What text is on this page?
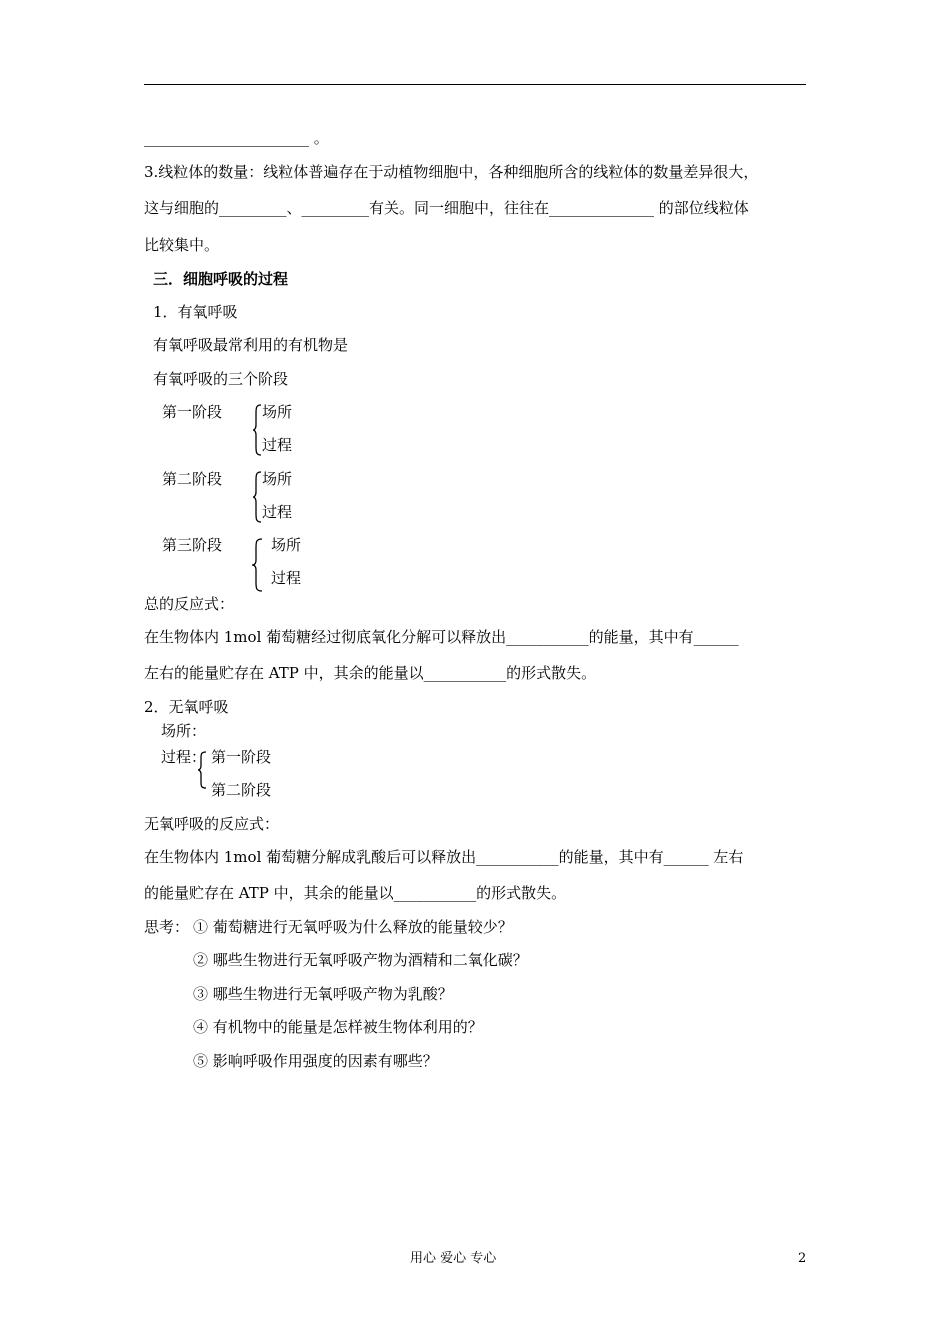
______________________ 。
3.线粒体的数量：线粒体普遍存在于动植物细胞中，各种细胞所含的线粒体的数量差异很大，
这与细胞的_________、_________有关。同一细胞中，往往在______________ 的部位线粒体
比较集中。
三．细胞呼吸的过程
1．有氧呼吸
有氧呼吸最常利用的有机物是
有氧呼吸的三个阶段
第一阶段	场所
过程
第二阶段	场所
过程
第三阶段	场所
过程
总的反应式：
在生物体内 1mol 葡萄糖经过彻底氧化分解可以释放出___________的能量，其中有______
左右的能量贮存在 ATP 中，其余的能量以___________的形式散失。
2．无氧呼吸
场所：
过程： 第一阶段
第二阶段
无氧呼吸的反应式：
在生物体内 1mol 葡萄糖分解成乳酸后可以释放出___________的能量，其中有______ 左右
的能量贮存在 ATP 中，其余的能量以___________的形式散失。
思考： ① 葡萄糖进行无氧呼吸为什么释放的能量较少？
② 哪些生物进行无氧呼吸产物为酒精和二氧化碳？
③ 哪些生物进行无氧呼吸产物为乳酸？
④ 有机物中的能量是怎样被生物体利用的？
⑤ 影响呼吸作用强度的因素有哪些？
用心 爱心 专心	2
